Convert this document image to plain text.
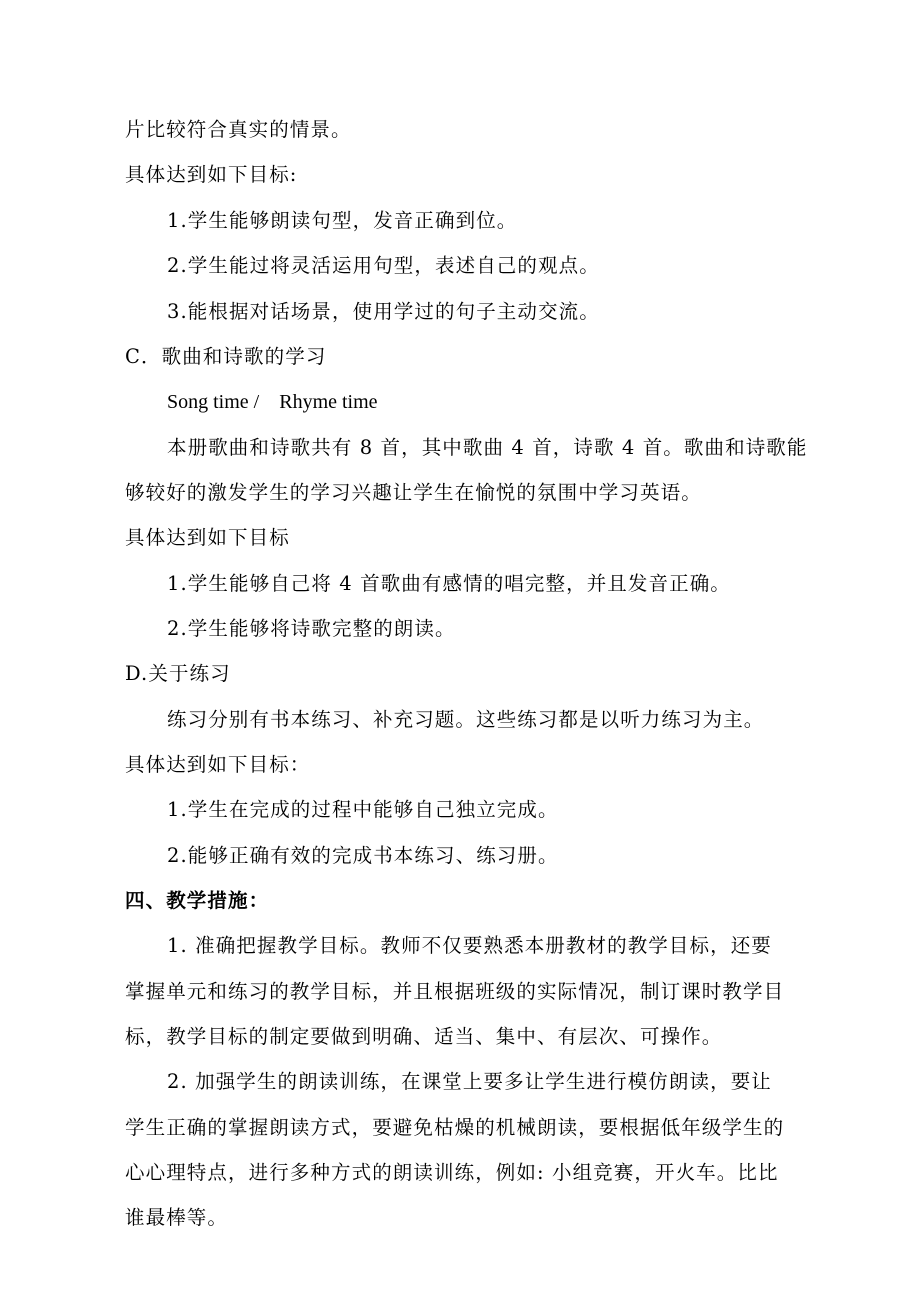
片比较符合真实的情景。
具体达到如下目标:
1.学生能够朗读句型，发音正确到位。
2.学生能过将灵活运用句型，表述自己的观点。
3.能根据对话场景，使用学过的句子主动交流。
C．歌曲和诗歌的学习
Song time /    Rhyme time
本册歌曲和诗歌共有 8 首，其中歌曲 4 首，诗歌 4 首。歌曲和诗歌能
够较好的激发学生的学习兴趣让学生在愉悦的氛围中学习英语。
具体达到如下目标
1.学生能够自己将 4 首歌曲有感情的唱完整，并且发音正确。
2.学生能够将诗歌完整的朗读。
D.关于练习
练习分别有书本练习、补充习题。这些练习都是以听力练习为主。
具体达到如下目标：
1.学生在完成的过程中能够自己独立完成。
2.能够正确有效的完成书本练习、练习册。
四、教学措施：
1. 准确把握教学目标。教师不仅要熟悉本册教材的教学目标，还要
掌握单元和练习的教学目标，并且根据班级的实际情况，制订课时教学目
标，教学目标的制定要做到明确、适当、集中、有层次、可操作。
2. 加强学生的朗读训练，在课堂上要多让学生进行模仿朗读，要让
学生正确的掌握朗读方式，要避免枯燥的机械朗读，要根据低年级学生的
心心理特点，进行多种方式的朗读训练，例如: 小组竞赛，开火车。比比
谁最棒等。
